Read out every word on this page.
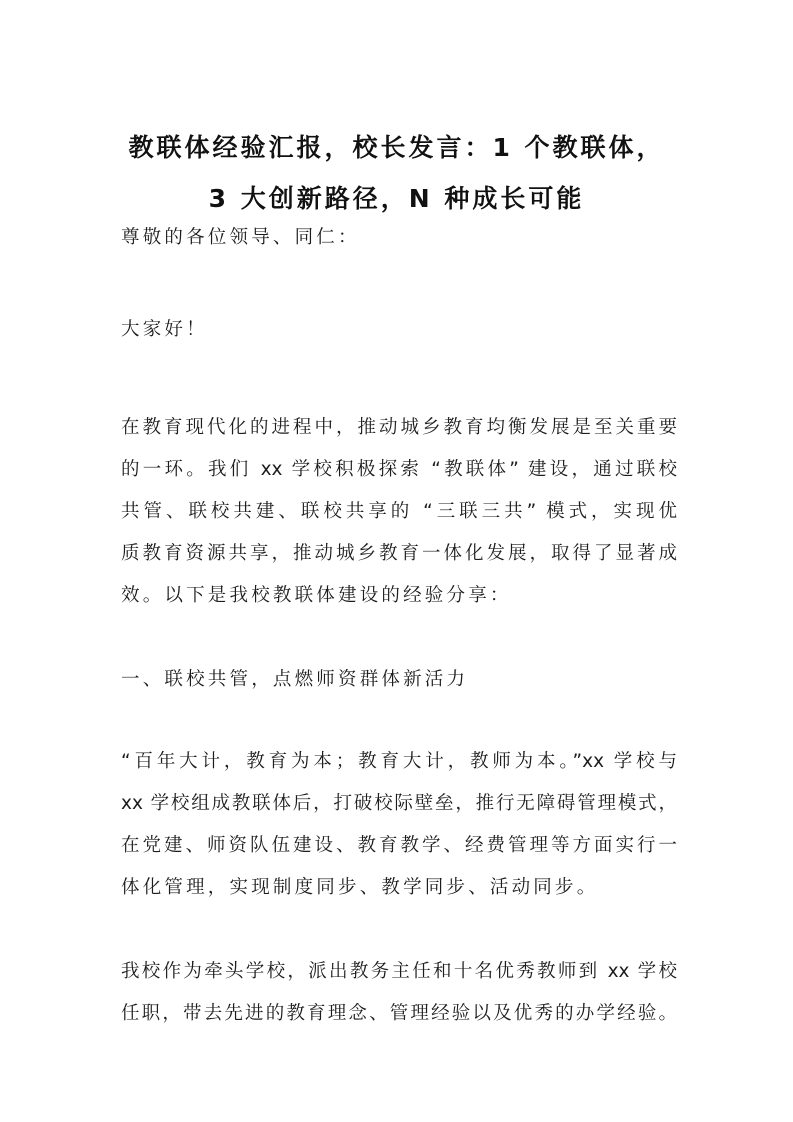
教联体经验汇报，校长发言：1 个教联体，
3 大创新路径，N 种成长可能
尊敬的各位领导、同仁：
大家好！
在教育现代化的进程中，推动城乡教育均衡发展是至关重要
的一环。我们 xx 学校积极探索 “教联体” 建设，通过联校
共管、联校共建、联校共享的 “三联三共” 模式，实现优
质教育资源共享，推动城乡教育一体化发展，取得了显著成
效。以下是我校教联体建设的经验分享：
一、联校共管，点燃师资群体新活力
“百年大计，教育为本；教育大计，教师为本。”xx 学校与
xx 学校组成教联体后，打破校际壁垒，推行无障碍管理模式，
在党建、师资队伍建设、教育教学、经费管理等方面实行一
体化管理，实现制度同步、教学同步、活动同步。
我校作为牵头学校，派出教务主任和十名优秀教师到 xx 学校
任职，带去先进的教育理念、管理经验以及优秀的办学经验。
